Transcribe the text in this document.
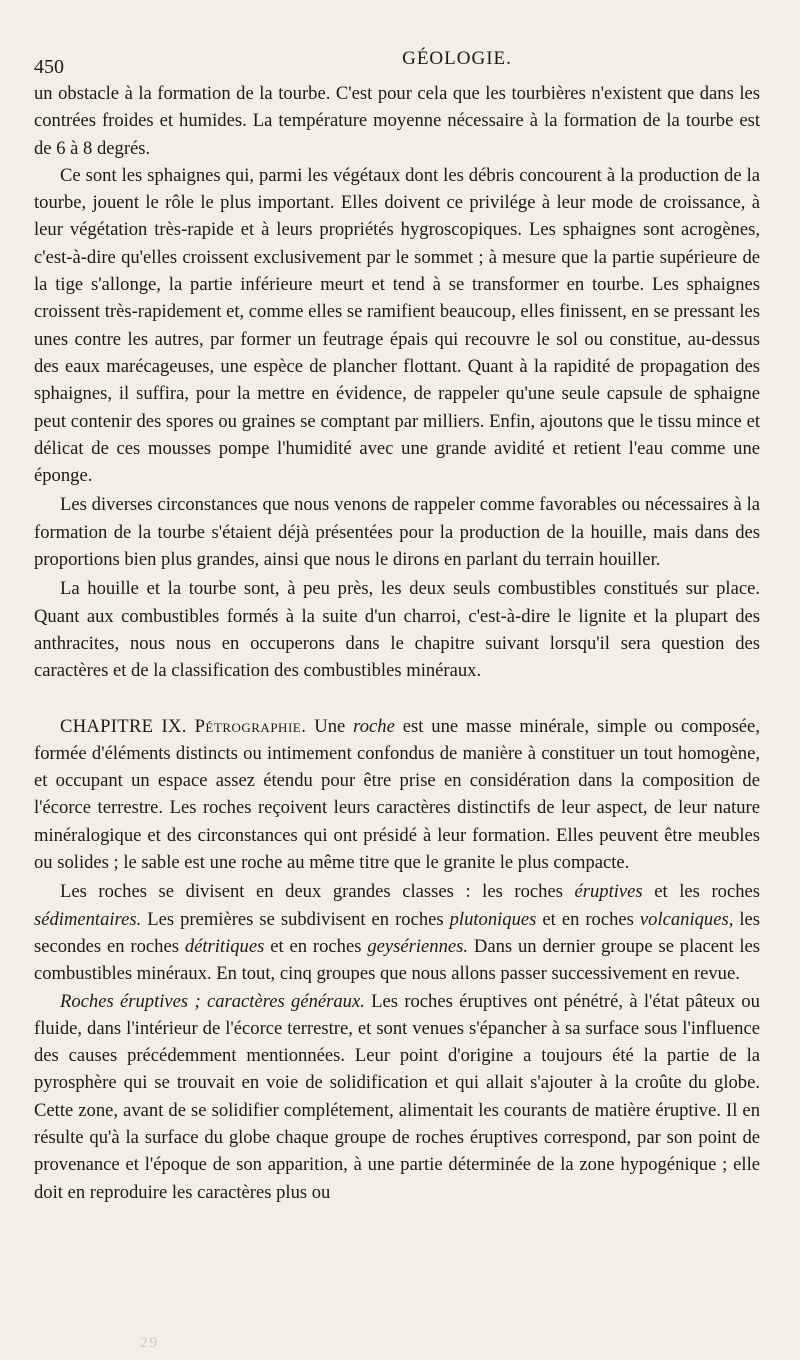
450	GÉOLOGIE.

un obstacle à la formation de la tourbe. C'est pour cela que les tourbières n'existent que dans les contrées froides et humides. La température moyenne nécessaire à la formation de la tourbe est de 6 à 8 degrés.

Ce sont les sphaignes qui, parmi les végétaux dont les débris concourent à la production de la tourbe, jouent le rôle le plus important. Elles doivent ce privilége à leur mode de croissance, à leur végétation très-rapide et à leurs propriétés hygroscopiques. Les sphaignes sont acrogènes, c'est-à-dire qu'elles croissent exclusivement par le sommet ; à mesure que la partie supérieure de la tige s'allonge, la partie inférieure meurt et tend à se transformer en tourbe. Les sphaignes croissent très-rapidement et, comme elles se ramifient beaucoup, elles finissent, en se pressant les unes contre les autres, par former un feutrage épais qui recouvre le sol ou constitue, au-dessus des eaux marécageuses, une espèce de plancher flottant. Quant à la rapidité de propagation des sphaignes, il suffira, pour la mettre en évidence, de rappeler qu'une seule capsule de sphaigne peut contenir des spores ou graines se comptant par milliers. Enfin, ajoutons que le tissu mince et délicat de ces mousses pompe l'humidité avec une grande avidité et retient l'eau comme une éponge.

Les diverses circonstances que nous venons de rappeler comme favorables ou nécessaires à la formation de la tourbe s'étaient déjà présentées pour la production de la houille, mais dans des proportions bien plus grandes, ainsi que nous le dirons en parlant du terrain houiller.

La houille et la tourbe sont, à peu près, les deux seuls combustibles constitués sur place. Quant aux combustibles formés à la suite d'un charroi, c'est-à-dire le lignite et la plupart des anthracites, nous nous en occuperons dans le chapitre suivant lorsqu'il sera question des caractères et de la classification des combustibles minéraux.

CHAPITRE IX. Pétrographie. Une roche est une masse minérale, simple ou composée, formée d'éléments distincts ou intimement confondus de manière à constituer un tout homogène, et occupant un espace assez étendu pour être prise en considération dans la composition de l'écorce terrestre. Les roches reçoivent leurs caractères distinctifs de leur aspect, de leur nature minéralogique et des circonstances qui ont présidé à leur formation. Elles peuvent être meubles ou solides ; le sable est une roche au même titre que le granite le plus compacte.

Les roches se divisent en deux grandes classes : les roches éruptives et les roches sédimentaires. Les premières se subdivisent en roches plutoniques et en roches volcaniques, les secondes en roches détritiques et en roches geysériennes. Dans un dernier groupe se placent les combustibles minéraux. En tout, cinq groupes que nous allons passer successivement en revue.

Roches éruptives ; caractères généraux. Les roches éruptives ont pénétré, à l'état pâteux ou fluide, dans l'intérieur de l'écorce terrestre, et sont venues s'épancher à sa surface sous l'influence des causes précédemment mentionnées. Leur point d'origine a toujours été la partie de la pyrosphère qui se trouvait en voie de solidification et qui allait s'ajouter à la croûte du globe. Cette zone, avant de se solidifier complétement, alimentait les courants de matière éruptive. Il en résulte qu'à la surface du globe chaque groupe de roches éruptives correspond, par son point de provenance et l'époque de son apparition, à une partie déterminée de la zone hypogénique ; elle doit en reproduire les caractères plus ou

29
